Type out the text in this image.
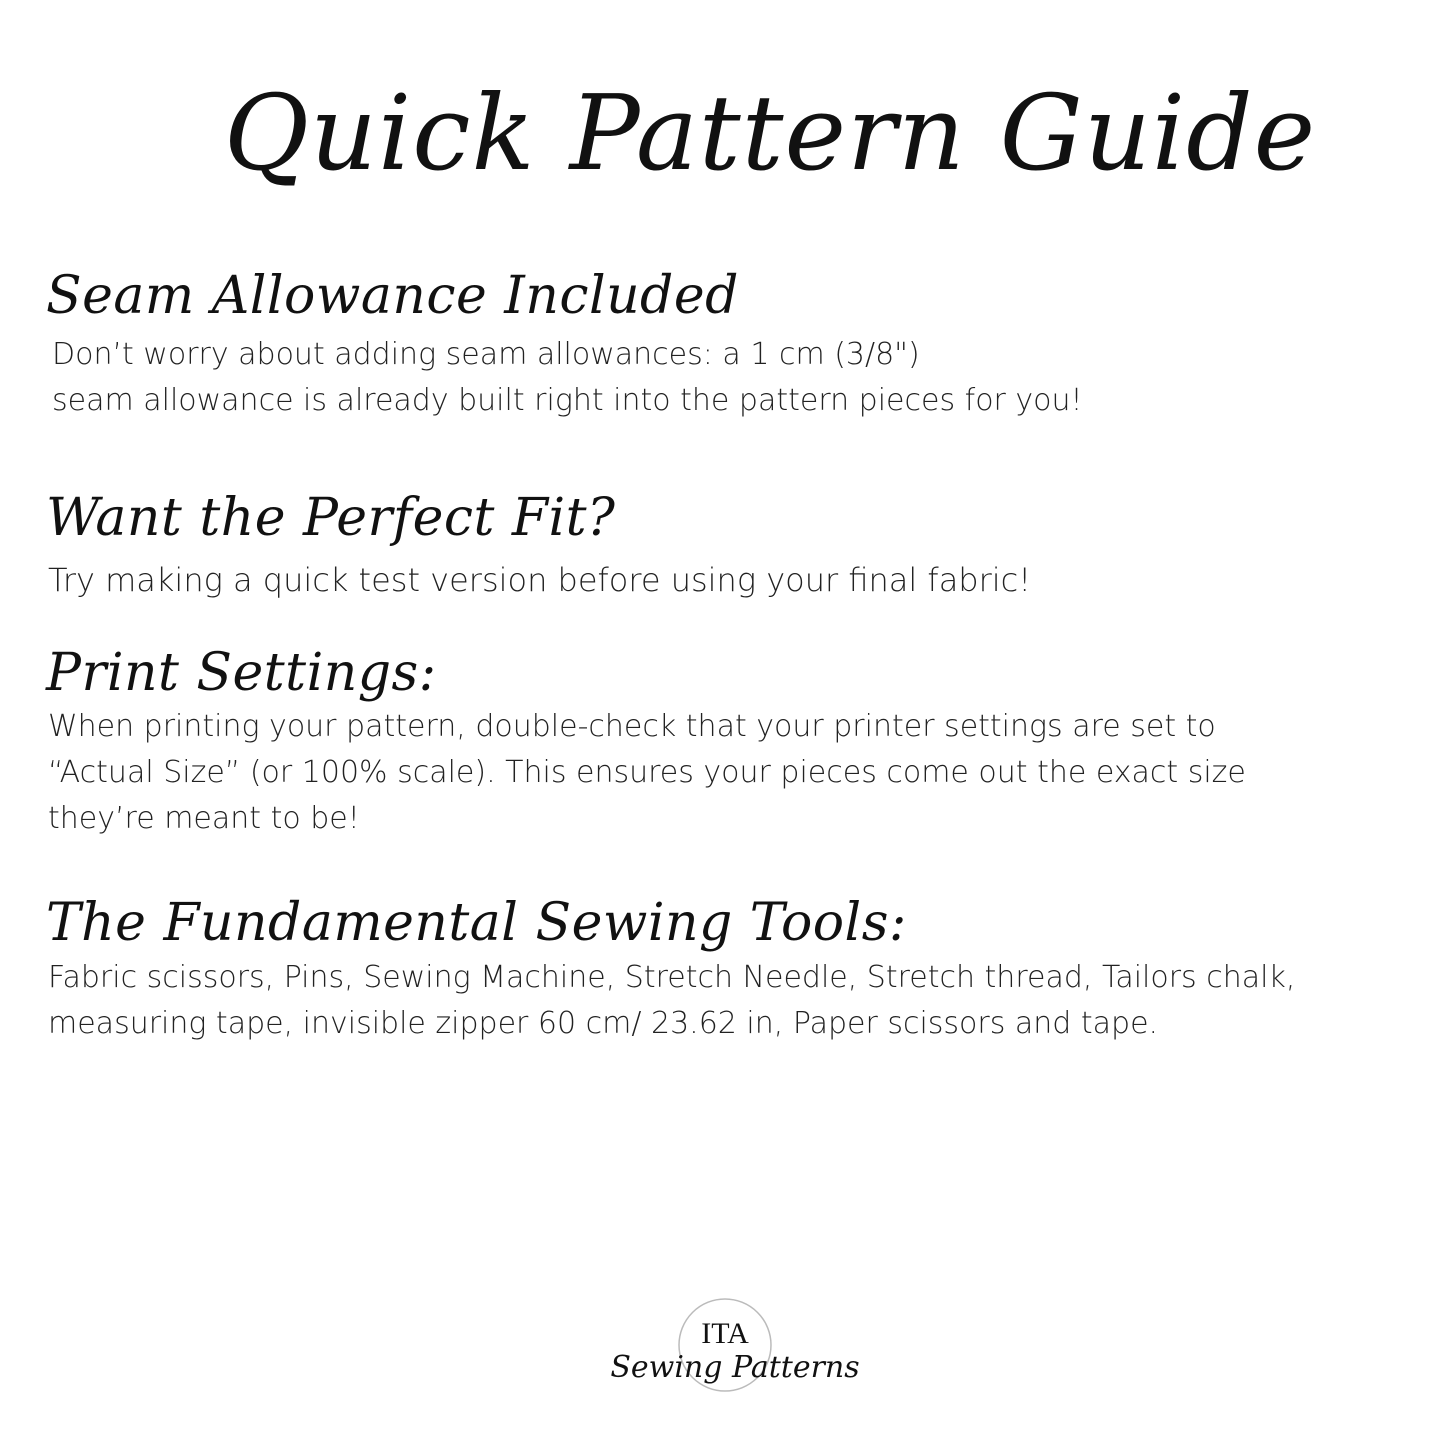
Quick Pattern Guide
Seam Allowance Included
Don’t worry about adding seam allowances: a 1 cm (3/8")
seam allowance is already built right into the pattern pieces for you!
Want the Perfect Fit?
Try making a quick test version before using your final fabric!
Print Settings:
When printing your pattern, double-check that your printer settings are set to
“Actual Size” (or 100% scale). This ensures your pieces come out the exact size
they’re meant to be!
The Fundamental Sewing Tools:
Fabric scissors, Pins, Sewing Machine, Stretch Needle, Stretch thread, Tailors chalk,
measuring tape, invisible zipper 60 cm/ 23.62 in, Paper scissors and tape.
ITA
Sewing Patterns
